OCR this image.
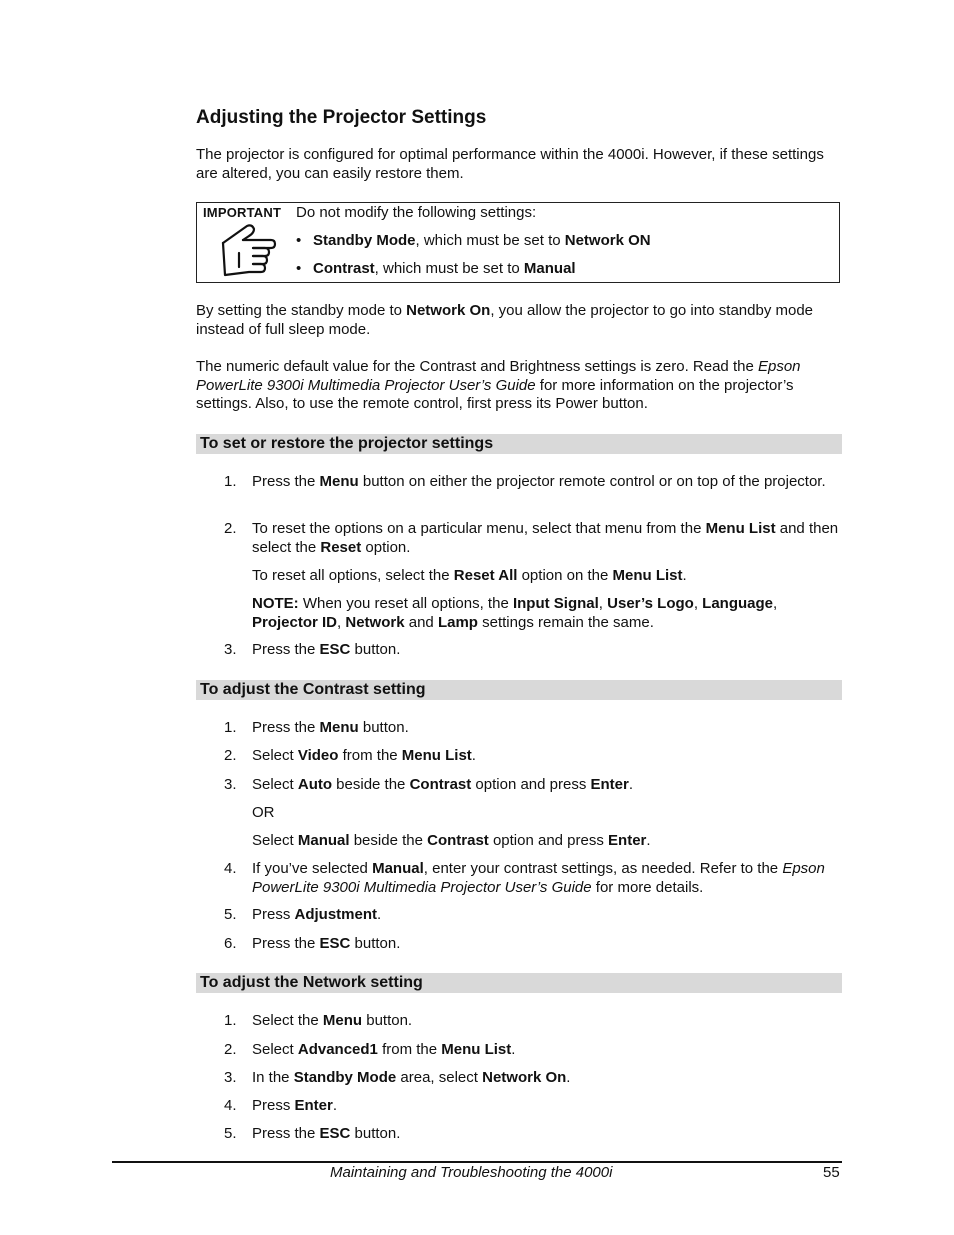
Adjusting the Projector Settings
The projector is configured for optimal performance within the 4000i. However, if these settings are altered, you can easily restore them.
IMPORTANT Do not modify the following settings:
• Standby Mode, which must be set to Network ON
• Contrast, which must be set to Manual
By setting the standby mode to Network On, you allow the projector to go into standby mode instead of full sleep mode.
The numeric default value for the Contrast and Brightness settings is zero. Read the Epson PowerLite 9300i Multimedia Projector User’s Guide for more information on the projector’s settings. Also, to use the remote control, first press its Power button.
To set or restore the projector settings
1.	Press the Menu button on either the projector remote control or on top of the projector.
2.	To reset the options on a particular menu, select that menu from the Menu List and then select the Reset option.
To reset all options, select the Reset All option on the Menu List.
NOTE: When you reset all options, the Input Signal, User’s Logo, Language, Projector ID, Network and Lamp settings remain the same.
3.	Press the ESC button.
To adjust the Contrast setting
1.	Press the Menu button.
2.	Select Video from the Menu List.
3.	Select Auto beside the Contrast option and press Enter.
OR
Select Manual beside the Contrast option and press Enter.
4.	If you’ve selected Manual, enter your contrast settings, as needed. Refer to the Epson PowerLite 9300i Multimedia Projector User’s Guide for more details.
5.	Press Adjustment.
6.	Press the ESC button.
To adjust the Network setting
1.	Select the Menu button.
2.	Select Advanced1 from the Menu List.
3.	In the Standby Mode area, select Network On.
4.	Press Enter.
5.	Press the ESC button.
Maintaining and Troubleshooting the 4000i	55
